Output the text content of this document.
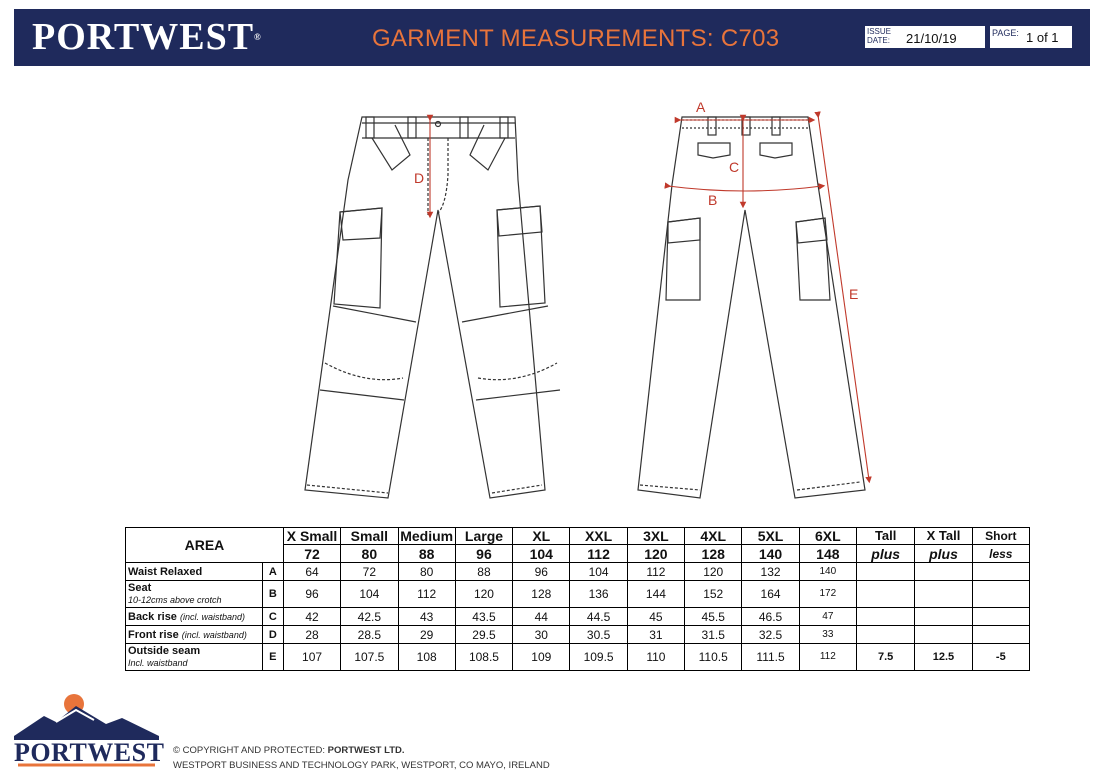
PORTWEST®	GARMENT MEASUREMENTS: C703	ISSUE
DATE: 21/10/19	PAGE: 1 of 1
D
A
C
B
E
AREA		X Small	Small	Medium	Large	XL	XXL	3XL	4XL	5XL	6XL	Tall	X Tall	Short
		72	80	88	96	104	112	120	128	140	148	plus	plus	less
Waist Relaxed	A	64	72	80	88	96	104	112	120	132	140			
Seat
10-12cms above crotch	B	96	104	112	120	128	136	144	152	164	172			
Back rise (incl. waistband)	C	42	42.5	43	43.5	44	44.5	45	45.5	46.5	47			
Front rise (incl. waistband)	D	28	28.5	29	29.5	30	30.5	31	31.5	32.5	33			
Outside seam
Incl. waistband	E	107	107.5	108	108.5	109	109.5	110	110.5	111.5	112	7.5	12.5	-5
PORTWEST © COPYRIGHT AND PROTECTED: PORTWEST LTD.
WESTPORT BUSINESS AND TECHNOLOGY PARK, WESTPORT, CO MAYO, IRELAND
